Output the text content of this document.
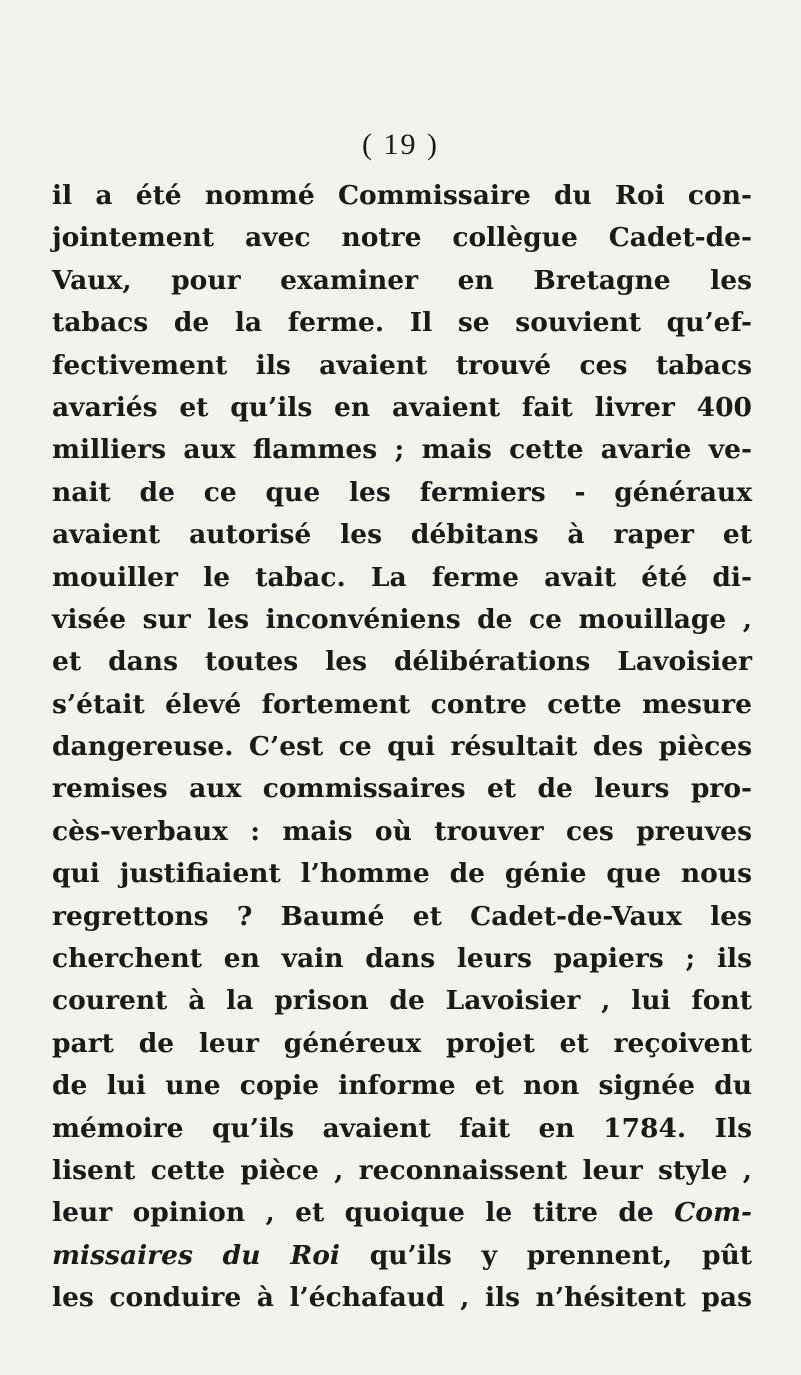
( 19 )
il a été nommé Commissaire du Roi con-
jointement avec notre collègue Cadet-de-
Vaux, pour examiner en Bretagne les
tabacs de la ferme. Il se souvient qu’ef-
fectivement ils avaient trouvé ces tabacs
avariés et qu’ils en avaient fait livrer 400
milliers aux flammes ; mais cette avarie ve-
nait de ce que les fermiers - généraux
avaient autorisé les débitans à raper et
mouiller le tabac. La ferme avait été di-
visée sur les inconvéniens de ce mouillage ,
et dans toutes les délibérations Lavoisier
s’était élevé fortement contre cette mesure
dangereuse. C’est ce qui résultait des pièces
remises aux commissaires et de leurs pro-
cès-verbaux : mais où trouver ces preuves
qui justifiaient l’homme de génie que nous
regrettons ? Baumé et Cadet-de-Vaux les
cherchent en vain dans leurs papiers ; ils
courent à la prison de Lavoisier , lui font
part de leur généreux projet et reçoivent
de lui une copie informe et non signée du
mémoire qu’ils avaient fait en 1784. Ils
lisent cette pièce , reconnaissent leur style ,
leur opinion , et quoique le titre de Com-
missaires du Roi qu’ils y prennent, pût
les conduire à l’échafaud , ils n’hésitent pas
